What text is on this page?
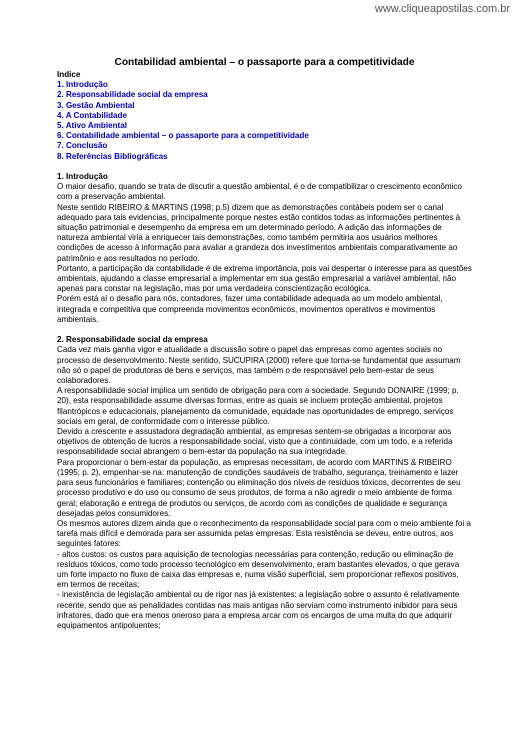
www.cliqueapostilas.com.br
Contabilidad ambiental – o passaporte para a competitividade
Indice
1. Introdução
2. Responsabilidade social da empresa
3. Gestão Ambiental
4. A Contabilidade
5. Ativo Ambiental
6. Contabilidade ambiental – o passaporte para a competitividade
7. Conclusão
8. Referências Bibliográficas
1. Introdução

O maior desafio, quando se trata de discutir a questão ambiental, é o de compatibilizar o crescimento econômico com a preservação ambiental.

Neste sentido RIBEIRO & MARTINS (1998; p.5) dizem que as demonstrações contábeis podem ser o canal adequado para tais evidencias, principalmente porque nestes estão contidos todas as informações pertinentes à situação patrimonial e desempenho da empresa em um determinado período. A adição das informações de natureza ambiental viria a enriquecer tais demonstrações, como também permitiria aos usuários melhores condições de acesso à informação para avaliar a grandeza dos investimentos ambientais comparativamente ao patrimônio e aos resultados no período.

Portanto, a participação da contabilidade é de extrema importância, pois vai despertar o interesse para as questões ambientais, ajudando a classe empresarial a implementar em sua gestão empresarial a variável ambiental, não apenas para constar na legislação, mas por uma verdadeira conscientização ecológica.

Porém está aí o desafio para nós, contadores, fazer uma contabilidade adequada ao um modelo ambiental, integrada e competitiva que compreenda movimentos econômicos, movimentos operativos e movimentos ambientais.

2. Responsabilidade social da empresa

Cada vez mais ganha vigor e atualidade a discussão sobre o papel das empresas como agentes sociais no processo de desenvolvimento. Neste sentido, SUCUPIRA (2000) refere que torna-se fundamental que assumam não só o papel de produtoras de bens e serviços, mas também o de responsável pelo bem-estar de seus colaboradores.

A responsabilidade social implica um sentido de obrigação para com a sociedade. Segundo DONAIRE (1999; p. 20), esta responsabilidade assume diversas formas, entre as quais se incluem proteção ambiental, projetos filantrópicos e educacionais, planejamento da comunidade, equidade nas oportunidades de emprego, serviços sociais em geral, de conformidade com o interesse público.

Devido a crescente e assustadora degradação ambiental, as empresas sentem-se obrigadas a incorporar aos objetivos de obtenção de lucros a responsabilidade social, visto que a continuidade, com um todo, e a referida responsabilidade social abrangem o bem-estar da população na sua integridade.

Para proporcionar o bem-estar da população, as empresas necessitam, de acordo com MARTINS & RIBEIRO (1995; p. 2), empenhar-se na: manutenção de condições saudáveis de trabalho, segurança, treinamento e lazer para seus funcionários e familiares; contenção ou eliminação dos níveis de resíduos tóxicos, decorrentes de seu processo produtivo e do uso ou consumo de seus produtos, de forma a não agredir o meio ambiente de forma geral; elaboração e entrega de produtos ou serviços, de acordo com as condições de qualidade e segurança desejadas pelos consumidores.

Os mesmos autores dizem ainda que o reconhecimento da responsabilidade social para com o meio ambiente foi a tarefa mais difícil e demorada para ser assumida pelas empresas. Esta resistência se deveu, entre outros, aos seguintes fatores:

- altos custos: os custos para aquisição de tecnologias necessárias para contenção, redução ou eliminação de resíduos tóxicos, como todo processo tecnológico em desenvolvimento, eram bastantes elevados, o que gerava um forte impacto no fluxo de caixa das empresas e, numa visão superficial, sem proporcionar reflexos positivos, em termos de receitas;

- inexistência de legislação ambiental ou de rigor nas já existentes: a legislação sobre o assunto é relativamente recente, sendo que as penalidades contidas nas mais antigas não serviam como instrumento inibidor para seus infratores, dado que era menos oneroso para a empresa arcar com os encargos de uma multa do que adquirir equipamentos antipoluentes;
